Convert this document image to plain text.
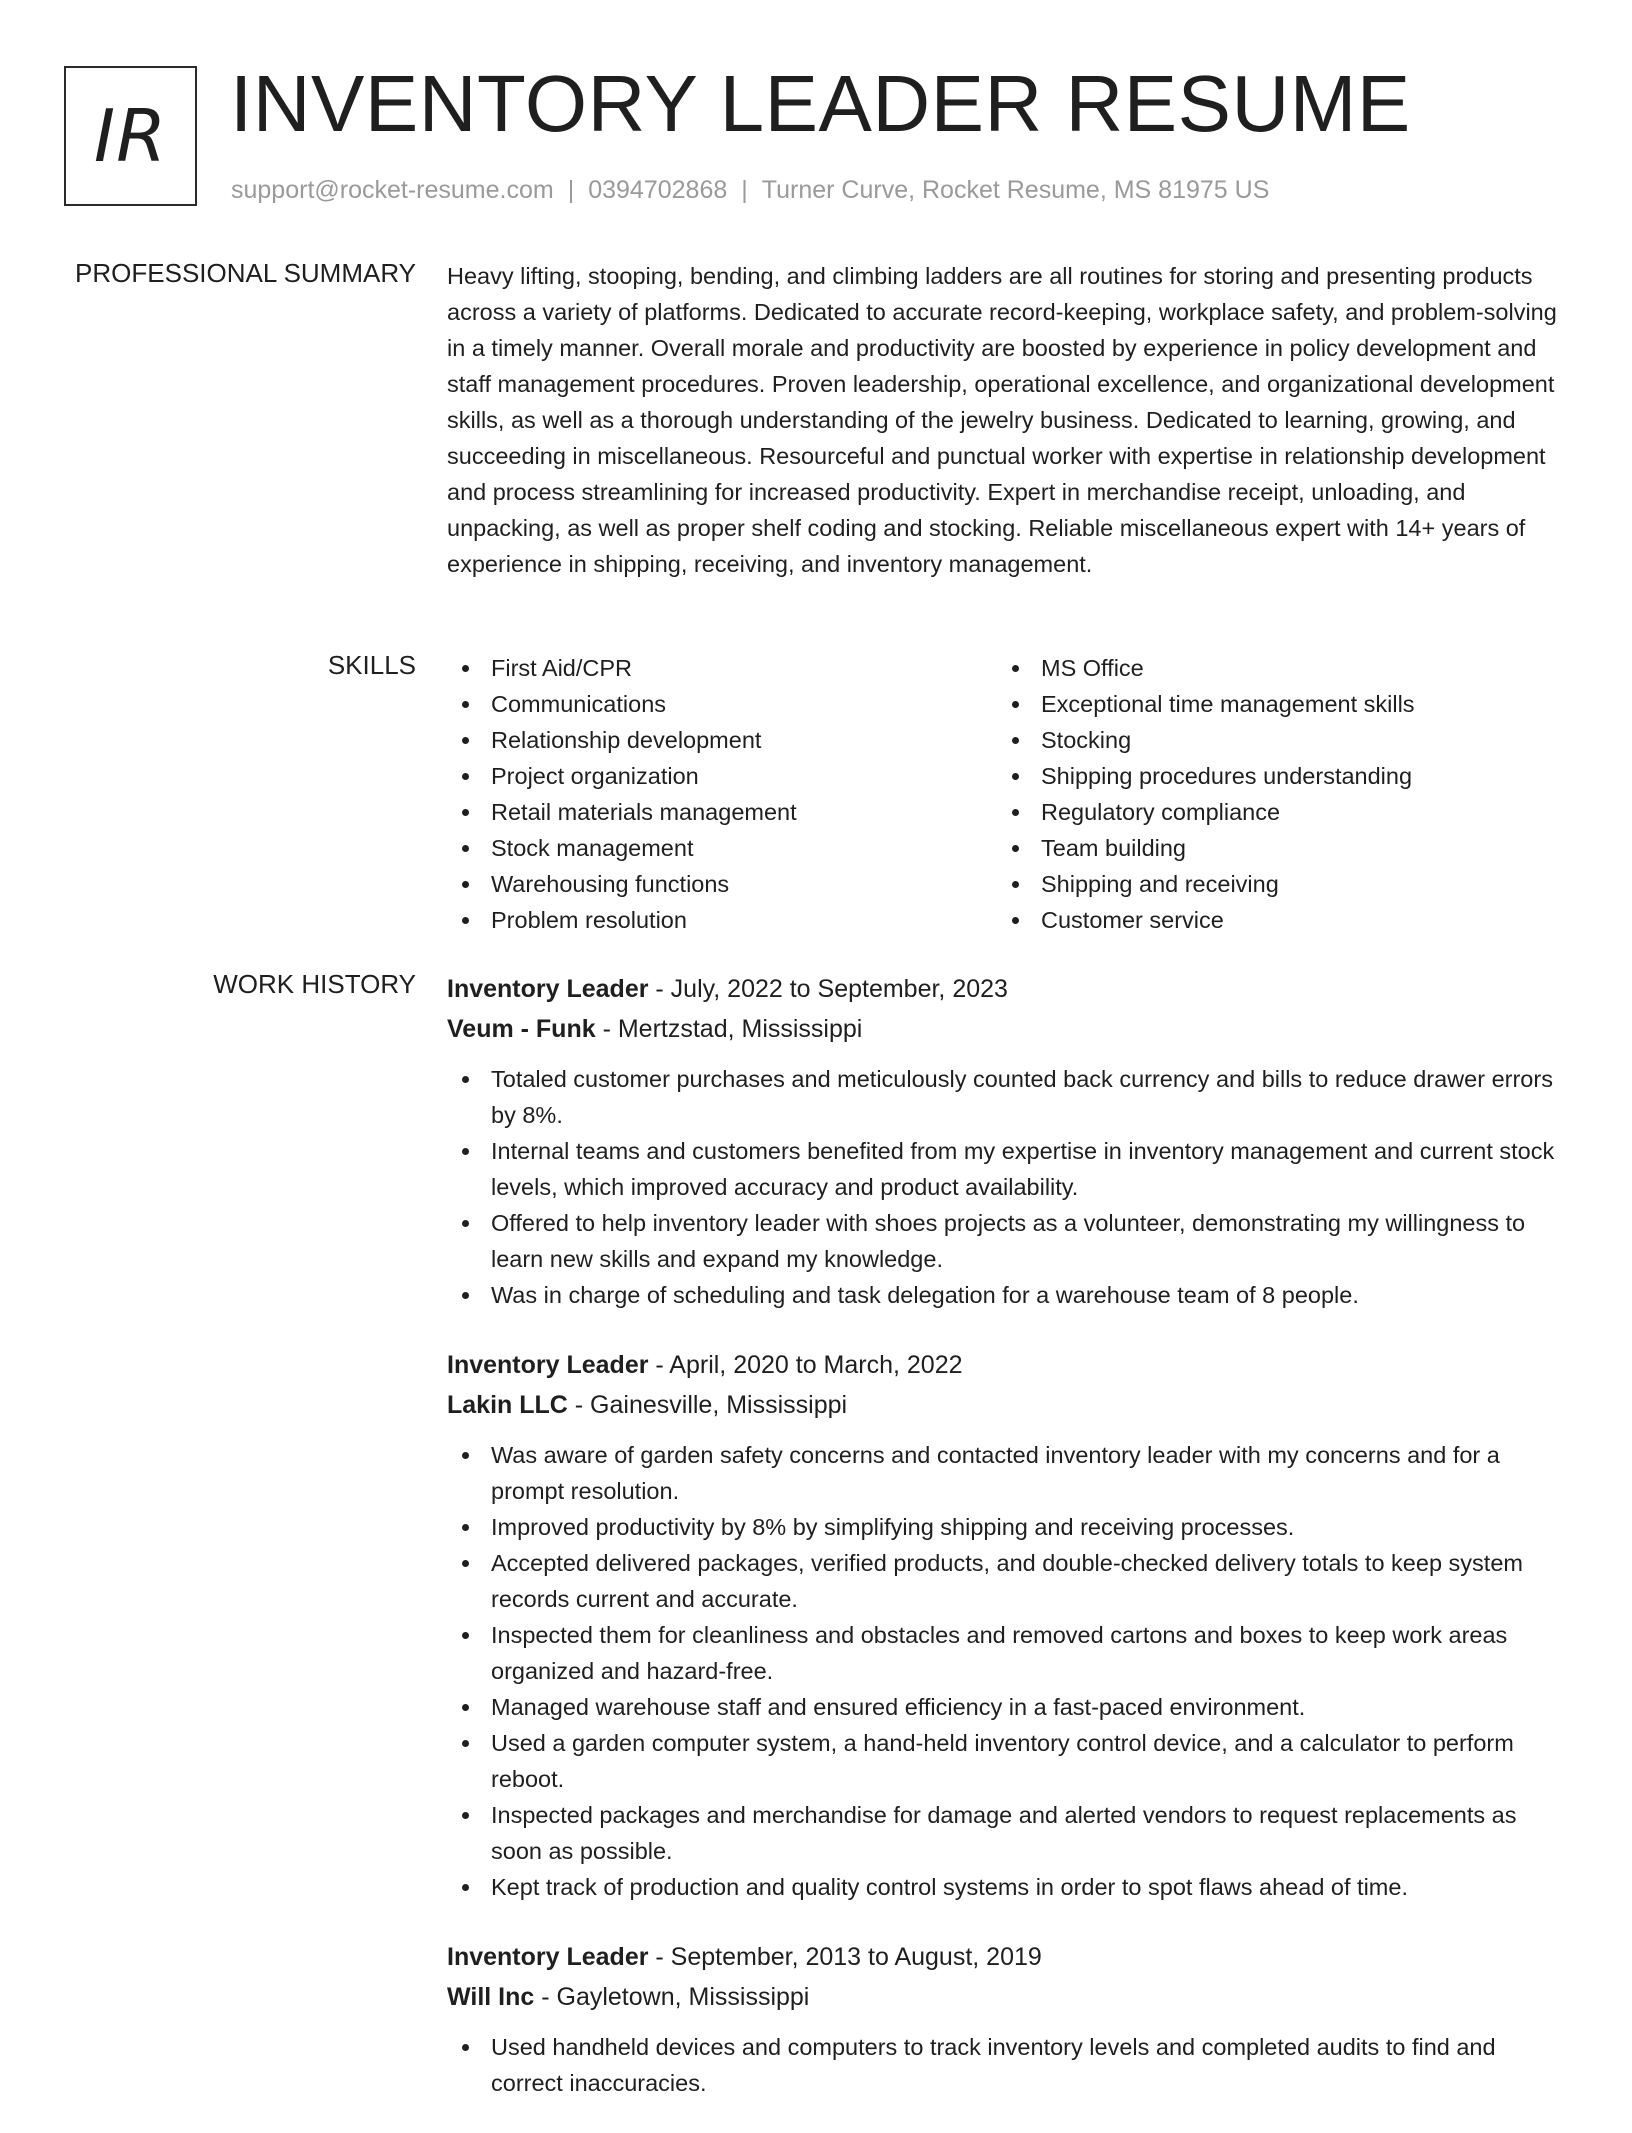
IR INVENTORY LEADER RESUME
support@rocket-resume.com | 0394702868 | Turner Curve, Rocket Resume, MS 81975 US
PROFESSIONAL SUMMARY Heavy lifting, stooping, bending, and climbing ladders are all routines for storing and presenting products across a variety of platforms. Dedicated to accurate record-keeping, workplace safety, and problem-solving in a timely manner. Overall morale and productivity are boosted by experience in policy development and staff management procedures. Proven leadership, operational excellence, and organizational development skills, as well as a thorough understanding of the jewelry business. Dedicated to learning, growing, and succeeding in miscellaneous. Resourceful and punctual worker with expertise in relationship development and process streamlining for increased productivity. Expert in merchandise receipt, unloading, and unpacking, as well as proper shelf coding and stocking. Reliable miscellaneous expert with 14+ years of experience in shipping, receiving, and inventory management.

SKILLS	First Aid/CPR
Communications
Relationship development
Project organization
Retail materials management
Stock management
Warehousing functions
Problem resolution
MS Office
Exceptional time management skills
Stocking
Shipping procedures understanding
Regulatory compliance
Team building
Shipping and receiving
Customer service
WORK HISTORY Inventory Leader - July, 2022 to September, 2023
Veum - Funk - Mertzstad, Mississippi
Totaled customer purchases and meticulously counted back currency and bills to reduce drawer errors by 8%.
Internal teams and customers benefited from my expertise in inventory management and current stock levels, which improved accuracy and product availability.
Offered to help inventory leader with shoes projects as a volunteer, demonstrating my willingness to learn new skills and expand my knowledge.
Was in charge of scheduling and task delegation for a warehouse team of 8 people.
Inventory Leader - April, 2020 to March, 2022
Lakin LLC - Gainesville, Mississippi
Was aware of garden safety concerns and contacted inventory leader with my concerns and for a prompt resolution.
Improved productivity by 8% by simplifying shipping and receiving processes.
Accepted delivered packages, verified products, and double-checked delivery totals to keep system records current and accurate.
Inspected them for cleanliness and obstacles and removed cartons and boxes to keep work areas organized and hazard-free.
Managed warehouse staff and ensured efficiency in a fast-paced environment.
Used a garden computer system, a hand-held inventory control device, and a calculator to perform reboot.
Inspected packages and merchandise for damage and alerted vendors to request replacements as soon as possible.
Kept track of production and quality control systems in order to spot flaws ahead of time.
Inventory Leader - September, 2013 to August, 2019
Will Inc - Gayletown, Mississippi
Used handheld devices and computers to track inventory levels and completed audits to find and correct inaccuracies.
